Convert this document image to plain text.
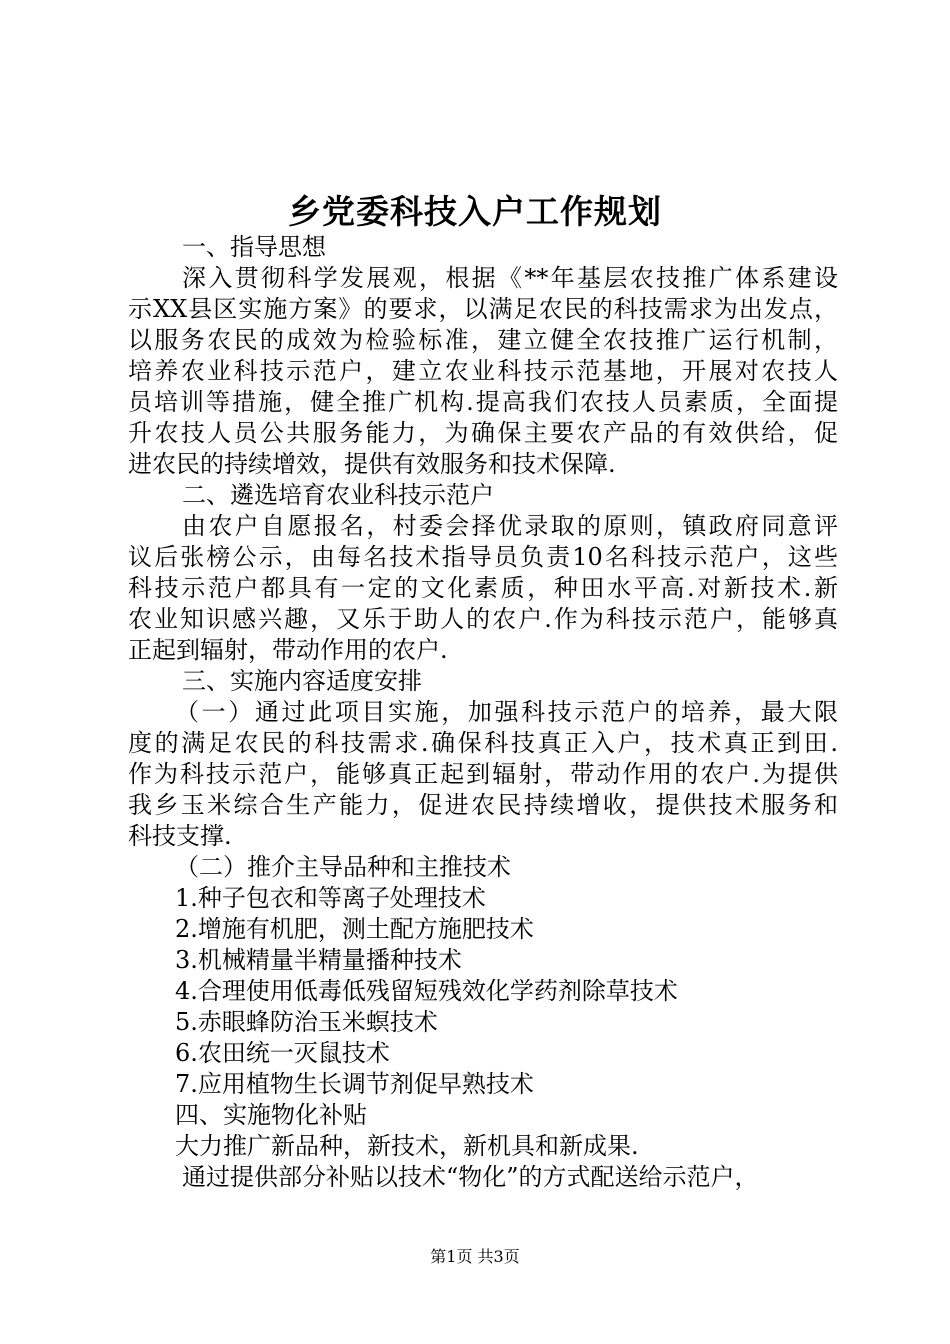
乡党委科技入户工作规划
一、指导思想
深入贯彻科学发展观，根据《**年基层农技推广体系建设
示XX县区实施方案》的要求，以满足农民的科技需求为出发点，
以服务农民的成效为检验标准，建立健全农技推广运行机制，
培养农业科技示范户，建立农业科技示范基地，开展对农技人
员培训等措施，健全推广机构.提高我们农技人员素质，全面提
升农技人员公共服务能力，为确保主要农产品的有效供给，促
进农民的持续增效，提供有效服务和技术保障.
二、遴选培育农业科技示范户
由农户自愿报名，村委会择优录取的原则，镇政府同意评
议后张榜公示，由每名技术指导员负责10名科技示范户，这些
科技示范户都具有一定的文化素质，种田水平高.对新技术.新
农业知识感兴趣，又乐于助人的农户.作为科技示范户，能够真
正起到辐射，带动作用的农户.
三、实施内容适度安排
（一）通过此项目实施，加强科技示范户的培养，最大限
度的满足农民的科技需求.确保科技真正入户，技术真正到田.
作为科技示范户，能够真正起到辐射，带动作用的农户.为提供
我乡玉米综合生产能力，促进农民持续增收，提供技术服务和
科技支撑.
（二）推介主导品种和主推技术
1.种子包衣和等离子处理技术
2.增施有机肥，测土配方施肥技术
3.机械精量半精量播种技术
4.合理使用低毒低残留短残效化学药剂除草技术
5.赤眼蜂防治玉米螟技术
6.农田统一灭鼠技术
7.应用植物生长调节剂促早熟技术
四、实施物化补贴
大力推广新品种，新技术，新机具和新成果.
通过提供部分补贴以技术“物化”的方式配送给示范户，
第1页 共3页
